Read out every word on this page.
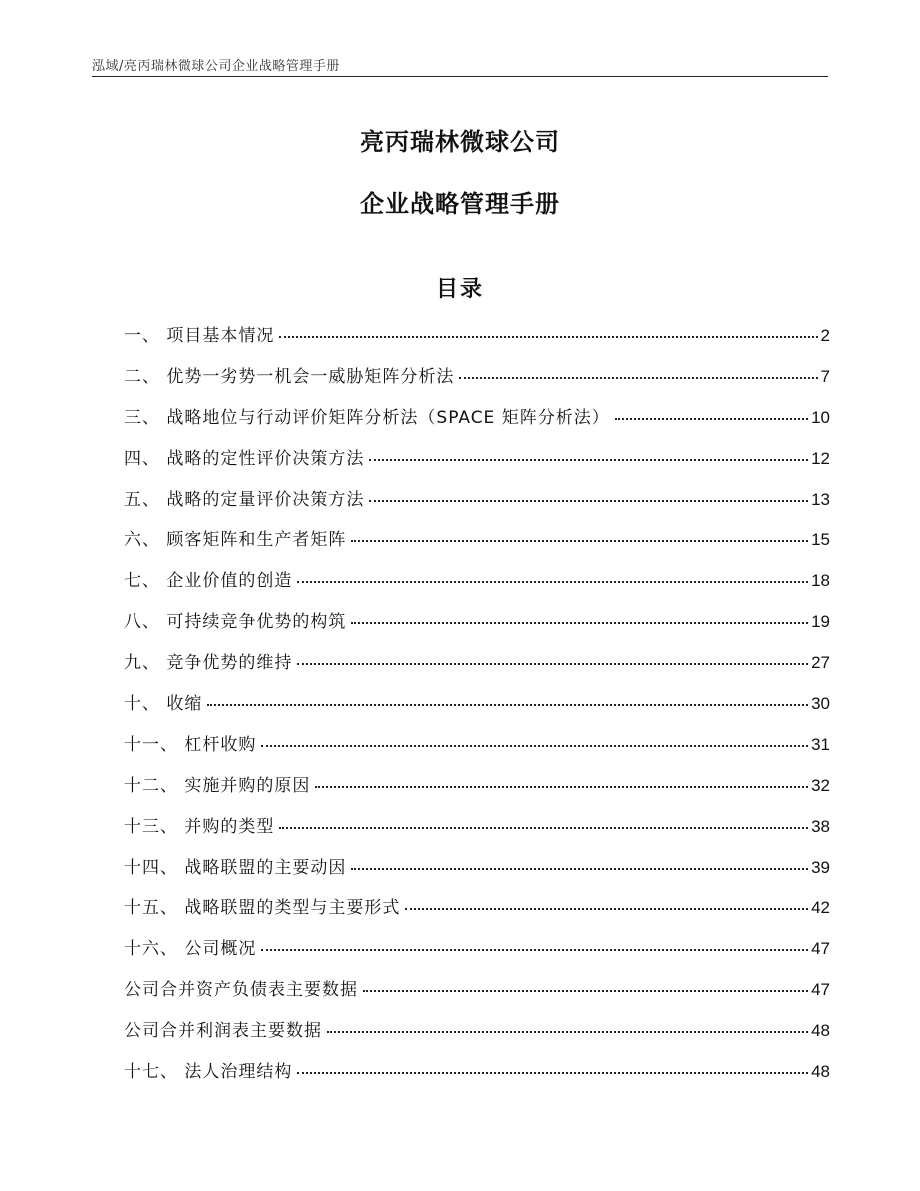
泓域/亮丙瑞林微球公司企业战略管理手册
亮丙瑞林微球公司
企业战略管理手册
目录
一、 项目基本情况	2
二、 优势一劣势一机会一威胁矩阵分析法	7
三、 战略地位与行动评价矩阵分析法（SPACE 矩阵分析法）	10
四、 战略的定性评价决策方法	12
五、 战略的定量评价决策方法	13
六、 顾客矩阵和生产者矩阵	15
七、 企业价值的创造	18
八、 可持续竞争优势的构筑	19
九、 竞争优势的维持	27
十、 收缩	30
十一、 杠杆收购	31
十二、 实施并购的原因	32
十三、 并购的类型	38
十四、 战略联盟的主要动因	39
十五、 战略联盟的类型与主要形式	42
十六、 公司概况	47
公司合并资产负债表主要数据	47
公司合并利润表主要数据	48
十七、 法人治理结构	48
